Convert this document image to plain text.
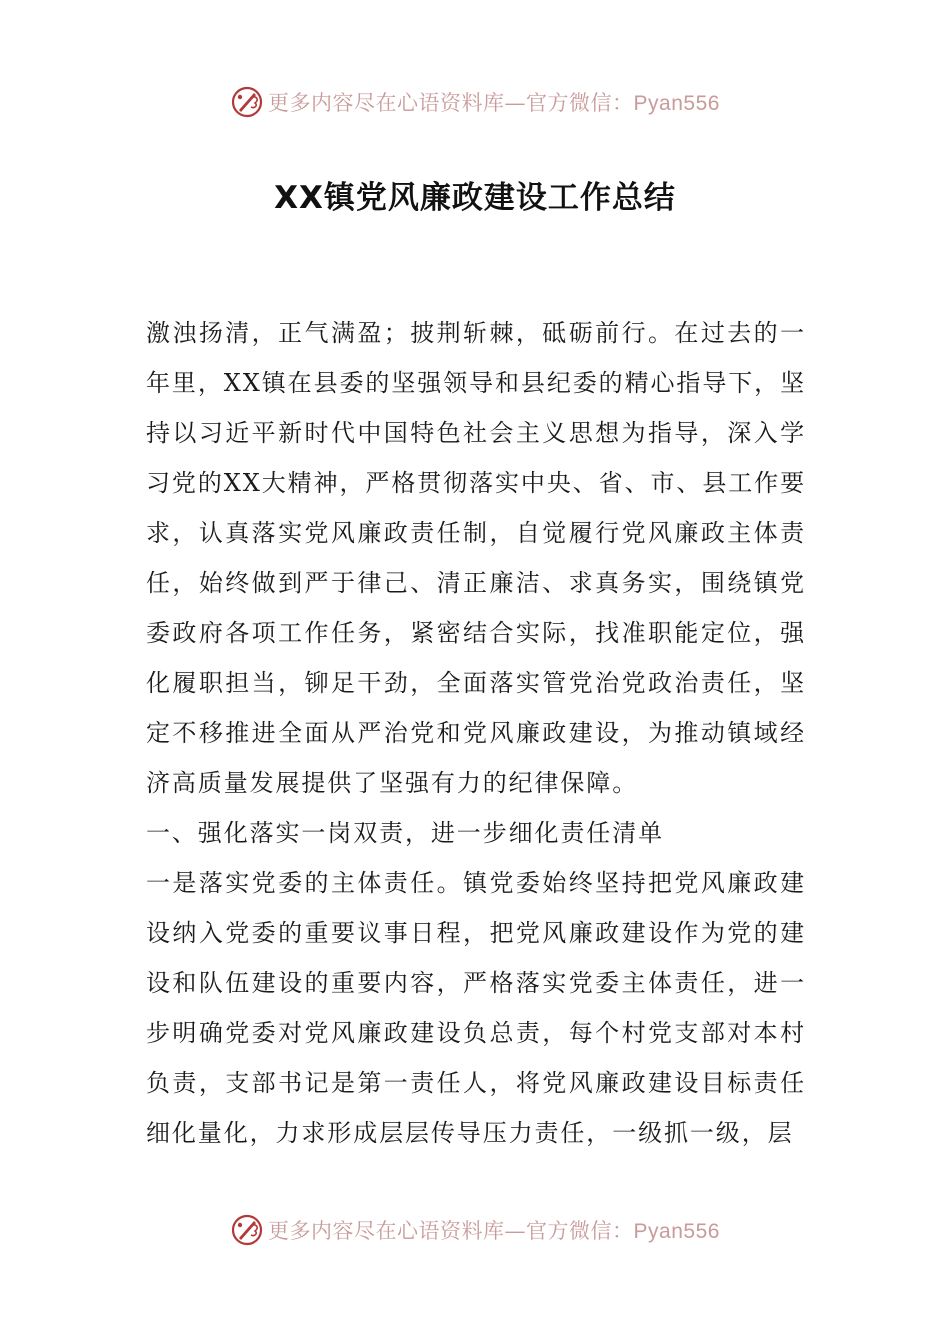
更多内容尽在心语资料库—官方微信：Pyan556
XX镇党风廉政建设工作总结

激浊扬清，正气满盈；披荆斩棘，砥砺前行。在过去的一年里，XX镇在县委的坚强领导和县纪委的精心指导下，坚持以习近平新时代中国特色社会主义思想为指导，深入学习党的XX大精神，严格贯彻落实中央、省、市、县工作要求，认真落实党风廉政责任制，自觉履行党风廉政主体责任，始终做到严于律己、清正廉洁、求真务实，围绕镇党委政府各项工作任务，紧密结合实际，找准职能定位，强化履职担当，铆足干劲，全面落实管党治党政治责任，坚定不移推进全面从严治党和党风廉政建设，为推动镇域经济高质量发展提供了坚强有力的纪律保障。

一、强化落实一岗双责，进一步细化责任清单

一是落实党委的主体责任。镇党委始终坚持把党风廉政建设纳入党委的重要议事日程，把党风廉政建设作为党的建设和队伍建设的重要内容，严格落实党委主体责任，进一步明确党委对党风廉政建设负总责，每个村党支部对本村负责，支部书记是第一责任人，将党风廉政建设目标责任细化量化，力求形成层层传导压力责任，一级抓一级，层

更多内容尽在心语资料库—官方微信：Pyan556
